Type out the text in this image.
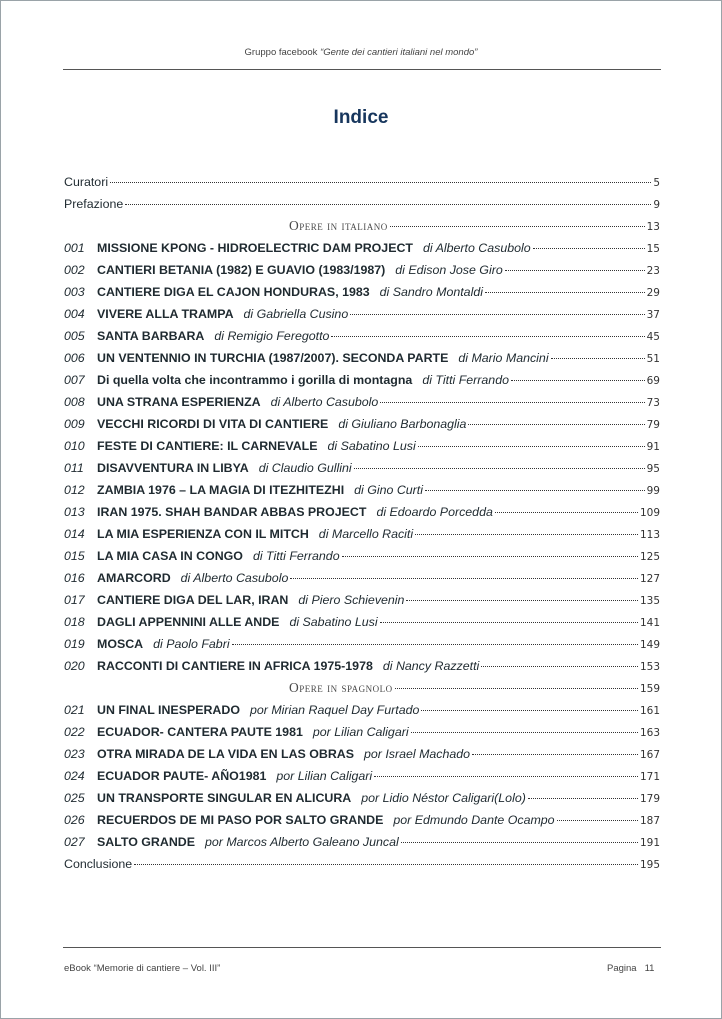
Gruppo facebook “Gente dei cantieri italiani nel mondo”
Indice
Curatori	5
Prefazione	9
Opere in italiano	13
001 MISSIONE KPONG - HIDROELECTRIC DAM PROJECT di Alberto Casubolo	15
002 CANTIERI BETANIA (1982) E GUAVIO (1983/1987) di Edison Jose Giro	23
003 CANTIERE DIGA EL CAJON HONDURAS, 1983 di Sandro Montaldi	29
004 VIVERE ALLA TRAMPA di Gabriella Cusino	37
005 SANTA BARBARA di Remigio Feregotto	45
006 UN VENTENNIO IN TURCHIA (1987/2007). SECONDA PARTE di Mario Mancini	51
007 Di quella volta che incontrammo i gorilla di montagna di Titti Ferrando	69
008 UNA STRANA ESPERIENZA di Alberto Casubolo	73
009 VECCHI RICORDI DI VITA DI CANTIERE di Giuliano Barbonaglia	79
010 FESTE DI CANTIERE: IL CARNEVALE di Sabatino Lusi	91
011	DISAVVENTURA IN LIBYA di Claudio Gullini	95
012 ZAMBIA 1976 – LA MAGIA DI ITEZHITEZHI di Gino Curti	99
013 IRAN 1975. SHAH BANDAR ABBAS PROJECT di Edoardo Porcedda	109
014 LA MIA ESPERIENZA CON IL MITCH di Marcello Raciti	113
015 LA MIA CASA IN CONGO di Titti Ferrando	125
016 AMARCORD di Alberto Casubolo	127
017 CANTIERE DIGA DEL LAR, IRAN di Piero Schievenin	135
018 DAGLI APPENNINI ALLE ANDE di Sabatino Lusi	141
019 MOSCA di Paolo Fabri	149
020 RACCONTI DI CANTIERE IN AFRICA 1975-1978 di Nancy Razzetti	153
Opere in spagnolo	159
021 UN FINAL INESPERADO por Mirian Raquel Day Furtado	161
022 ECUADOR- CANTERA PAUTE 1981 por Lilian Caligari	163
023 OTRA MIRADA DE LA VIDA EN LAS OBRAS por Israel Machado	167
024 ECUADOR PAUTE- AÑO1981 por Lilian Caligari	171
025 UN TRANSPORTE SINGULAR EN ALICURA por Lidio Néstor Caligari(Lolo)	179
026 RECUERDOS DE MI PASO POR SALTO GRANDE por Edmundo Dante Ocampo	187
027 SALTO GRANDE por Marcos Alberto Galeano Juncal	191
Conclusione	195
eBook “Memorie di cantiere – Vol. III”	Pagina 11
